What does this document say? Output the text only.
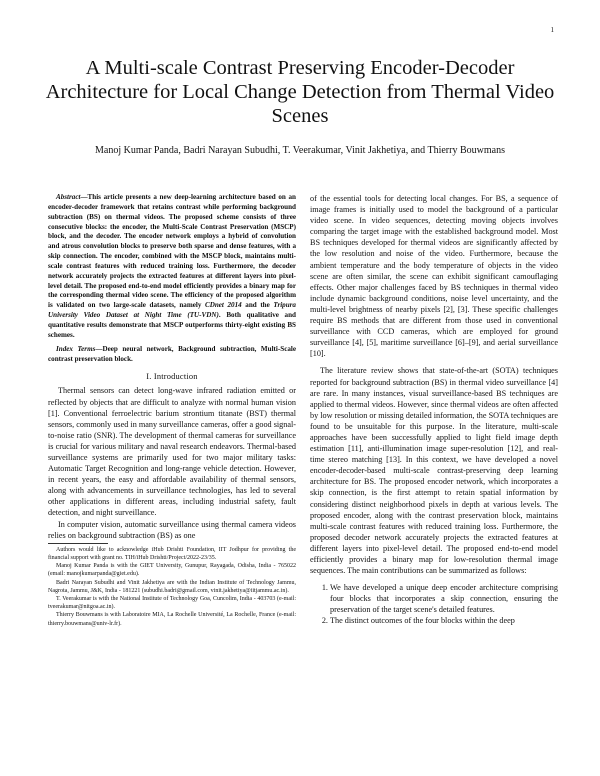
1
A Multi-scale Contrast Preserving Encoder-Decoder Architecture for Local Change Detection from Thermal Video Scenes
Manoj Kumar Panda, Badri Narayan Subudhi, T. Veerakumar, Vinit Jakhetiya, and Thierry Bouwmans

Abstract—This article presents a new deep-learning architecture based on an encoder-decoder framework that retains contrast while performing background subtraction (BS) on thermal videos. The proposed scheme consists of three consecutive blocks: the encoder, the Multi-Scale Contrast Preservation (MSCP) block, and the decoder. The encoder network employs a hybrid of convolution and atrous convolution blocks to preserve both sparse and dense features, with a skip connection. The encoder, combined with the MSCP block, maintains multi-scale contrast features with reduced training loss. Furthermore, the decoder network accurately projects the extracted features at different layers into pixel-level detail. The proposed end-to-end model efficiently provides a binary map for the corresponding thermal video scene. The efficiency of the proposed algorithm is validated on two large-scale datasets, namely CDnet 2014 and the Tripura University Video Dataset at Night Time (TU-VDN). Both qualitative and quantitative results demonstrate that MSCP outperforms thirty-eight existing BS schemes.

Index Terms—Deep neural network, Background subtraction, Multi-Scale contrast preservation block.

I. Introduction

Thermal sensors can detect long-wave infrared radiation emitted or reflected by objects that are difficult to analyze with normal human vision [1]. Conventional ferroelectric barium strontium titanate (BST) thermal sensors, commonly used in many surveillance cameras, offer a good signal-to-noise ratio (SNR). The development of thermal cameras for surveillance is crucial for various military and naval research endeavors. Thermal-based surveillance systems are primarily used for two major military tasks: Automatic Target Recognition and long-range vehicle detection. However, in recent years, the easy and affordable availability of thermal sensors, along with advancements in surveillance technologies, has led to several other applications in different areas, including industrial safety, fault detection, and night surveillance.

In computer vision, automatic surveillance using thermal camera videos relies on background subtraction (BS) as one

Authors would like to acknowledge iHub Drishti Foundation, IIT Jodhpur for providing the financial support with grant no. TIH/iHub Drishti/Project/2022-23/35.

Manoj Kumar Panda is with the GIET University, Gunupur, Rayagada, Odisha, India - 765022 (email: manojkumarpanda@giet.edu).

Badri Narayan Subudhi and Vinit Jakhetiya are with the Indian Institute of Technology Jammu, Nagrota, Jammu, J&K, India - 181221 (subudhi.badri@gmail.com, vinit.jakhetiya@iitjammu.ac.in).

T. Veerakumar is with the National Institute of Technology Goa, Cuncolim, India - 403703 (e-mail: tveerakumar@nitgoa.ac.in).

Thierry Bouwmans is with Laboratoire MIA, La Rochelle Université, La Rochelle, France (e-mail: thierry.bouwmans@univ-lr.fr).

of the essential tools for detecting local changes. For BS, a sequence of image frames is initially used to model the background of a particular video scene. In video sequences, detecting moving objects involves comparing the target image with the established background model. Most BS techniques developed for thermal videos are significantly affected by the low resolution and noise of the video. Furthermore, because the ambient temperature and the body temperature of objects in the video scene are often similar, the scene can exhibit significant camouflaging effects. Other major challenges faced by BS techniques in thermal video include dynamic background conditions, noise level uncertainty, and the multi-level brightness of nearby pixels [2], [3]. These specific challenges require BS methods that are different from those used in conventional surveillance with CCD cameras, which are employed for ground surveillance [4], [5], maritime surveillance [6]–[9], and aerial surveillance [10].

The literature review shows that state-of-the-art (SOTA) techniques reported for background subtraction (BS) in thermal video surveillance [4] are rare. In many instances, visual surveillance-based BS techniques are applied to thermal videos. However, since thermal videos are often affected by low resolution or missing detailed information, the SOTA techniques are found to be unsuitable for this purpose. In the literature, multi-scale approaches have been successfully applied to light field image depth estimation [11], anti-illumination image super-resolution [12], and real-time stereo matching [13]. In this context, we have developed a novel encoder-decoder-based multi-scale contrast-preserving deep learning architecture for BS. The proposed encoder network, which incorporates a skip connection, is the first attempt to retain spatial information by considering distinct neighborhood pixels in depth at various levels. The proposed encoder, along with the contrast preservation block, maintains multi-scale contrast features with reduced training loss. Furthermore, the proposed decoder network accurately projects the extracted features at different layers into pixel-level detail. The proposed end-to-end model efficiently provides a binary map for low-resolution thermal image sequences. The main contributions can be summarized as follows:

1. We have developed a unique deep encoder architecture comprising four blocks that incorporates a skip connection, ensuring the preservation of the target scene's detailed features.
2. The distinct outcomes of the four blocks within the deep
